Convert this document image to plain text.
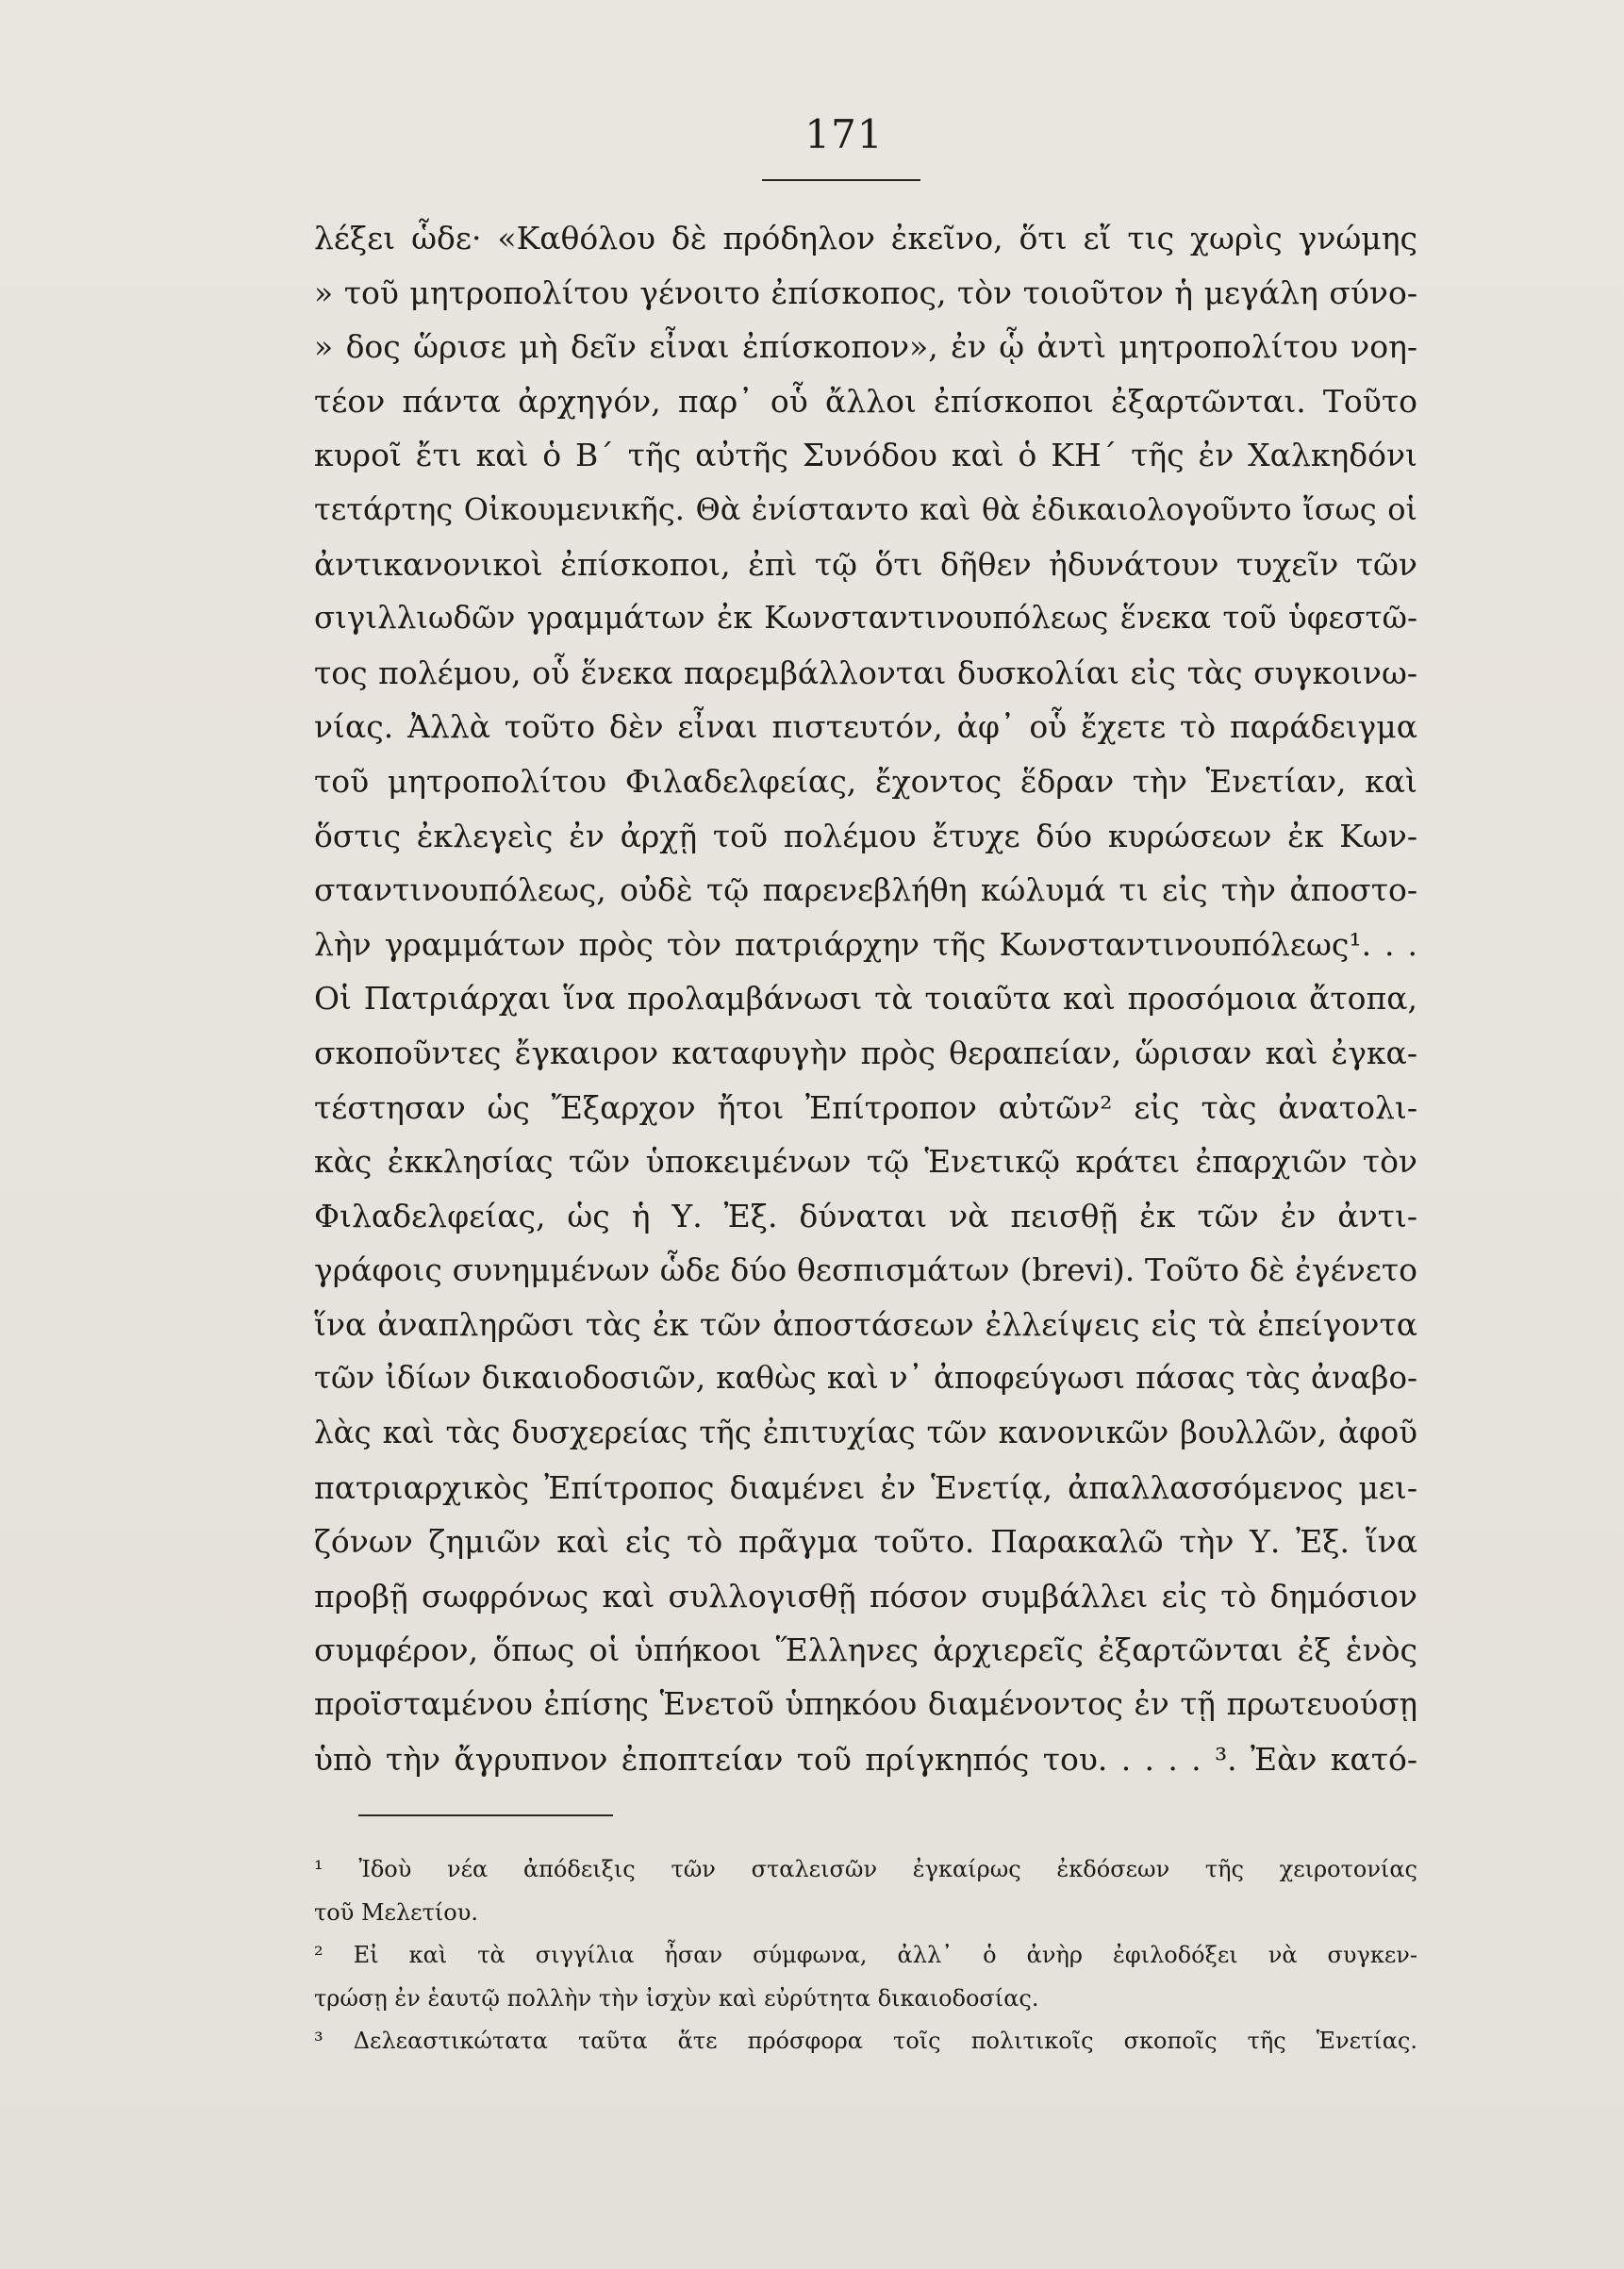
171
λέξει ὧδε· «Καθόλου δὲ πρόδηλον ἐκεῖνο, ὅτι εἴ τις χωρὶς γνώμης
» τοῦ μητροπολίτου γένοιτο ἐπίσκοπος, τὸν τοιοῦτον ἡ μεγάλη σύνο-
» δος ὥρισε μὴ δεῖν εἶναι ἐπίσκοπον», ἐν ᾧ ἀντὶ μητροπολίτου νοη-
τέον πάντα ἀρχηγόν, παρ᾿ οὗ ἄλλοι ἐπίσκοποι ἐξαρτῶνται. Τοῦτο
κυροῖ ἔτι καὶ ὁ Β´ τῆς αὐτῆς Συνόδου καὶ ὁ ΚΗ´ τῆς ἐν Χαλκηδόνι
τετάρτης Οἰκουμενικῆς. Θὰ ἐνίσταντο καὶ θὰ ἐδικαιολογοῦντο ἴσως οἱ
ἀντικανονικοὶ ἐπίσκοποι, ἐπὶ τῷ ὅτι δῆθεν ἠδυνάτουν τυχεῖν τῶν
σιγιλλιωδῶν γραμμάτων ἐκ Κωνσταντινουπόλεως ἕνεκα τοῦ ὑφεστῶ-
τος πολέμου, οὗ ἕνεκα παρεμβάλλονται δυσκολίαι εἰς τὰς συγκοινω-
νίας. Ἀλλὰ τοῦτο δὲν εἶναι πιστευτόν, ἀφ᾿ οὗ ἔχετε τὸ παράδειγμα
τοῦ μητροπολίτου Φιλαδελφείας, ἔχοντος ἕδραν τὴν Ἑνετίαν, καὶ
ὅστις ἐκλεγεὶς ἐν ἀρχῇ τοῦ πολέμου ἔτυχε δύο κυρώσεων ἐκ Κων-
σταντινουπόλεως, οὐδὲ τῷ παρενεβλήθη κώλυμά τι εἰς τὴν ἀποστο-
λὴν γραμμάτων πρὸς τὸν πατριάρχην τῆς Κωνσταντινουπόλεως¹. . .
Οἱ Πατριάρχαι ἵνα προλαμβάνωσι τὰ τοιαῦτα καὶ προσόμοια ἄτοπα,
σκοποῦντες ἔγκαιρον καταφυγὴν πρὸς θεραπείαν, ὥρισαν καὶ ἐγκα-
τέστησαν ὡς Ἔξαρχον ἤτοι Ἐπίτροπον αὐτῶν² εἰς τὰς ἀνατολι-
κὰς ἐκκλησίας τῶν ὑποκειμένων τῷ Ἑνετικῷ κράτει ἐπαρχιῶν τὸν
Φιλαδελφείας, ὡς ἡ Υ. Ἐξ. δύναται νὰ πεισθῇ ἐκ τῶν ἐν ἀντι-
γράφοις συνημμένων ὧδε δύο θεσπισμάτων (brevi). Τοῦτο δὲ ἐγένετο
ἵνα ἀναπληρῶσι τὰς ἐκ τῶν ἀποστάσεων ἐλλείψεις εἰς τὰ ἐπείγοντα
τῶν ἰδίων δικαιοδοσιῶν, καθὼς καὶ ν᾿ ἀποφεύγωσι πάσας τὰς ἀναβο-
λὰς καὶ τὰς δυσχερείας τῆς ἐπιτυχίας τῶν κανονικῶν βουλλῶν, ἀφοῦ
πατριαρχικὸς Ἐπίτροπος διαμένει ἐν Ἑνετίᾳ, ἀπαλλασσόμενος μει-
ζόνων ζημιῶν καὶ εἰς τὸ πρᾶγμα τοῦτο. Παρακαλῶ τὴν Υ. Ἐξ. ἵνα
προβῇ σωφρόνως καὶ συλλογισθῇ πόσον συμβάλλει εἰς τὸ δημόσιον
συμφέρον, ὅπως οἱ ὑπήκοοι Ἕλληνες ἀρχιερεῖς ἐξαρτῶνται ἐξ ἑνὸς
προϊσταμένου ἐπίσης Ἑνετοῦ ὑπηκόου διαμένοντος ἐν τῇ πρωτευούσῃ
ὑπὸ τὴν ἄγρυπνον ἐποπτείαν τοῦ πρίγκηπός του. . . . . ³. Ἐὰν κατό-
¹ Ἰδοὺ νέα ἀπόδειξις τῶν σταλεισῶν ἐγκαίρως ἐκδόσεων τῆς χειροτονίας
τοῦ Μελετίου.
² Εἰ καὶ τὰ σιγγίλια ἦσαν σύμφωνα, ἀλλ᾿ ὁ ἀνὴρ ἐφιλοδόξει νὰ συγκεν-
τρώσῃ ἐν ἑαυτῷ πολλὴν τὴν ἰσχὺν καὶ εὐρύτητα δικαιοδοσίας.
³ Δελεαστικώτατα ταῦτα ἅτε πρόσφορα τοῖς πολιτικοῖς σκοποῖς τῆς Ἑνετίας.
